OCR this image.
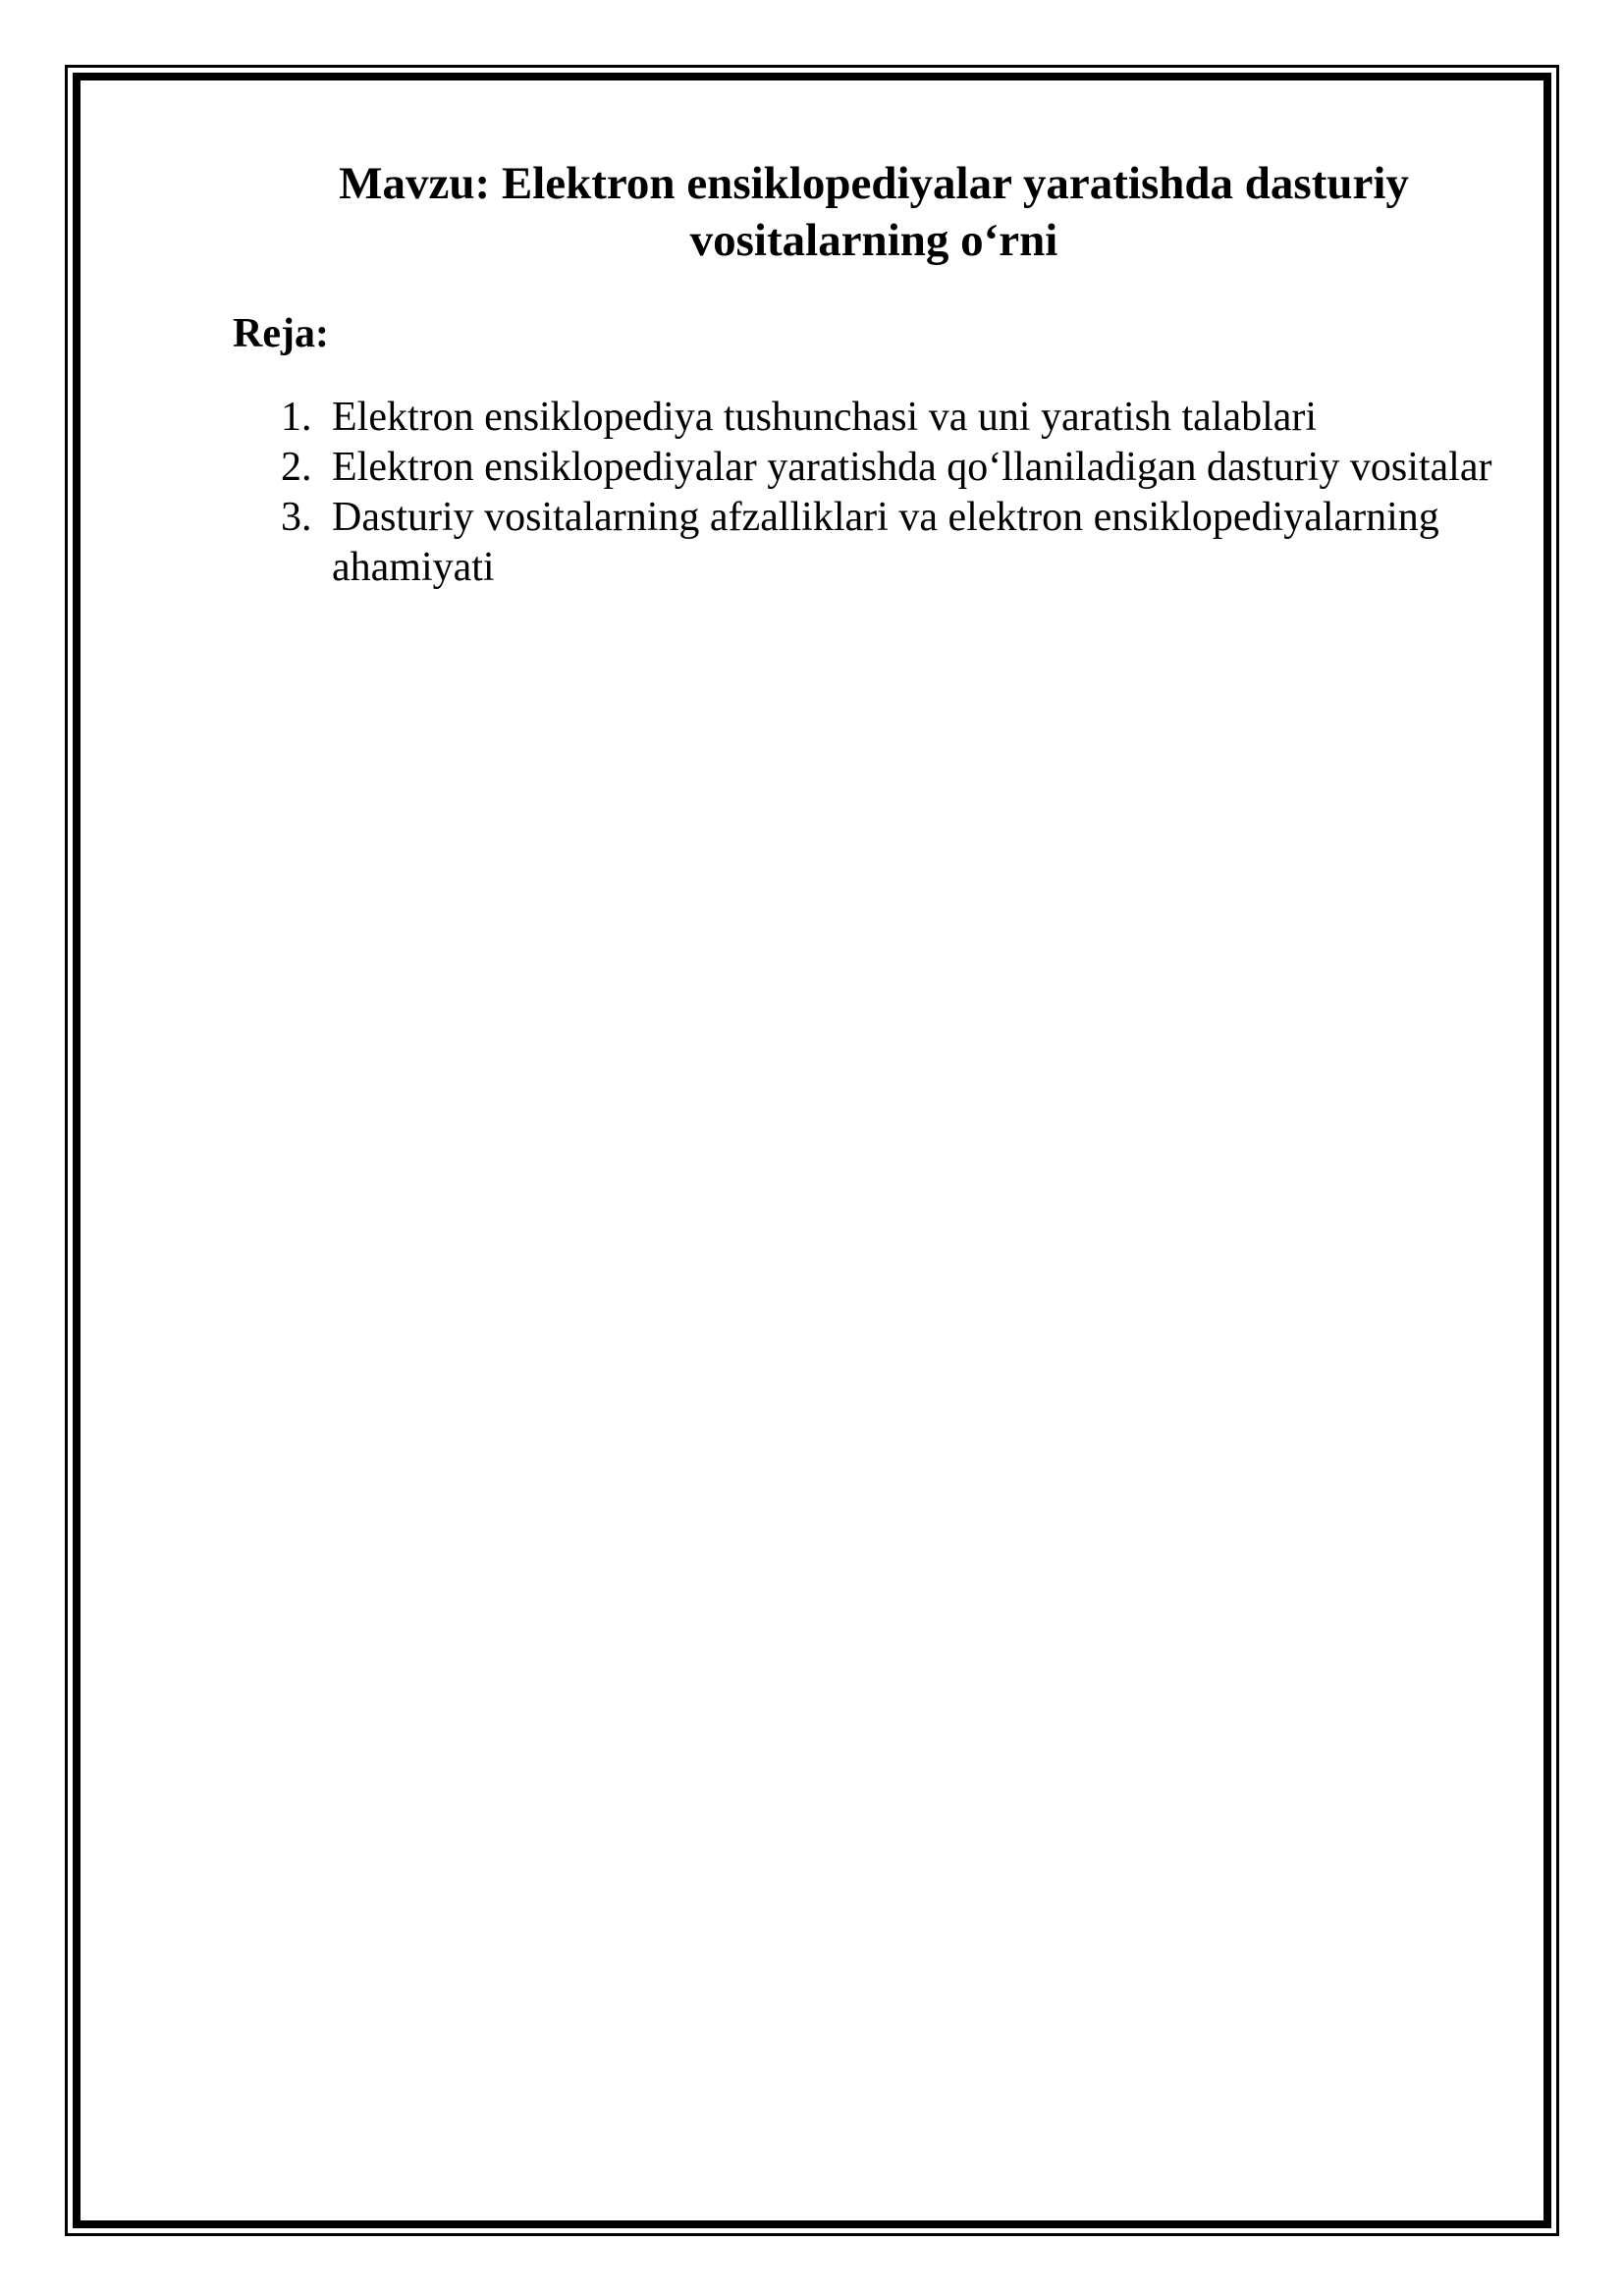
Mavzu: Elektron ensiklopediyalar yaratishda dasturiy vositalarning o‘rni
Reja:
1. Elektron ensiklopediya tushunchasi va uni yaratish talablari
2. Elektron ensiklopediyalar yaratishda qo‘llaniladigan dasturiy vositalar
3. Dasturiy vositalarning afzalliklari va elektron ensiklopediyalarning ahamiyati
